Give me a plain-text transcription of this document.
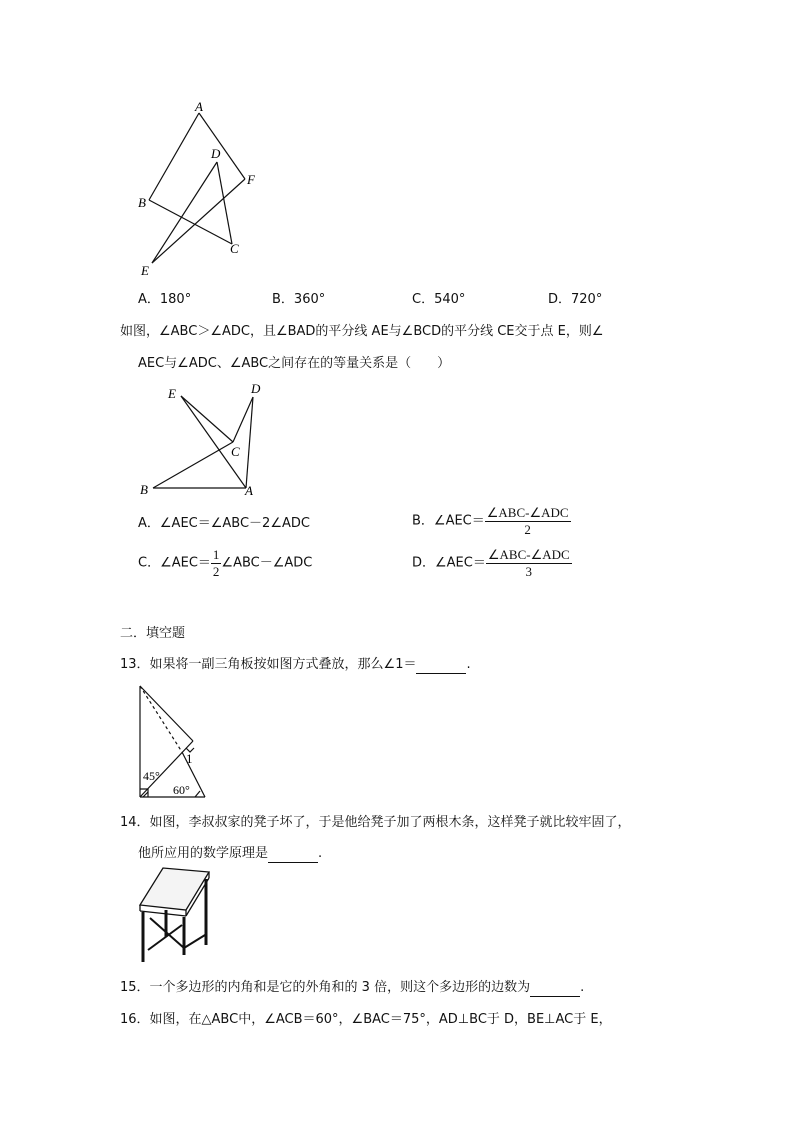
A
D
F
B
C
E
A．180°	B．360°	C．540°	D．720°
如图，∠ABC＞∠ADC，且∠BAD的平分线 AE与∠BCD的平分线 CE交于点 E，则∠
AEC与∠ADC、∠ABC之间存在的等量关系是（　　）
E	D
C
B	A
A．∠AEC＝∠ABC－2∠ADC	B．∠AEC＝ $\frac{\text{∠ABC-∠ADC}}{2}$
C．∠AEC＝ $\frac{1}{2}$ ∠ABC－∠ADC	D．∠AEC＝ $\frac{\text{∠ABC-∠ADC}}{3}$
二．填空题
13．如果将一副三角板按如图方式叠放，那么∠1＝	.
1
45°
60°
14．如图，李叔叔家的凳子坏了，于是他给凳子加了两根木条，这样凳子就比较牢固了，
他所应用的数学原理是	.
15．一个多边形的内角和是它的外角和的 3 倍，则这个多边形的边数为	.
16．如图，在△ABC中，∠ACB＝60°，∠BAC＝75°，AD⊥BC于 D，BE⊥AC于 E，
